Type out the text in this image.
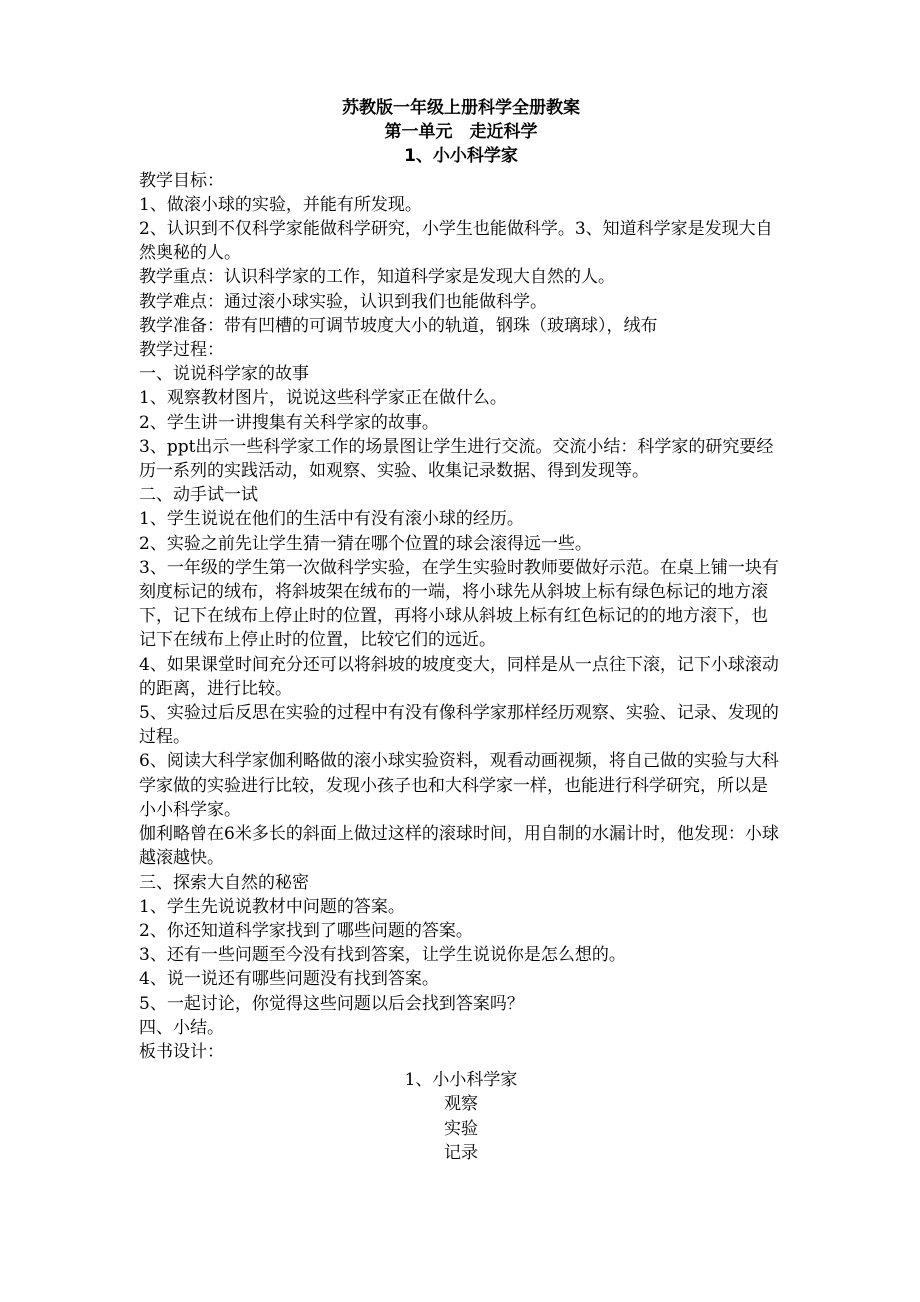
苏教版一年级上册科学全册教案
第一单元　走近科学
1、小小科学家
教学目标：
1、做滚小球的实验，并能有所发现。
2、认识到不仅科学家能做科学研究，小学生也能做科学。3、知道科学家是发现大自然奥秘的人。
教学重点：认识科学家的工作，知道科学家是发现大自然的人。
教学难点：通过滚小球实验，认识到我们也能做科学。
教学准备：带有凹槽的可调节坡度大小的轨道，钢珠（玻璃球），绒布
教学过程：
一、说说科学家的故事
1、观察教材图片，说说这些科学家正在做什么。
2、学生讲一讲搜集有关科学家的故事。
3、ppt出示一些科学家工作的场景图让学生进行交流。交流小结：科学家的研究要经历一系列的实践活动，如观察、实验、收集记录数据、得到发现等。
二、动手试一试
1、学生说说在他们的生活中有没有滚小球的经历。
2、实验之前先让学生猜一猜在哪个位置的球会滚得远一些。
3、一年级的学生第一次做科学实验，在学生实验时教师要做好示范。在桌上铺一块有刻度标记的绒布，将斜坡架在绒布的一端，将小球先从斜坡上标有绿色标记的地方滚下，记下在绒布上停止时的位置，再将小球从斜坡上标有红色标记的的地方滚下，也记下在绒布上停止时的位置，比较它们的远近。
4、如果课堂时间充分还可以将斜坡的坡度变大，同样是从一点往下滚，记下小球滚动的距离，进行比较。
5、实验过后反思在实验的过程中有没有像科学家那样经历观察、实验、记录、发现的过程。
6、阅读大科学家伽利略做的滚小球实验资料，观看动画视频，将自己做的实验与大科学家做的实验进行比较，发现小孩子也和大科学家一样，也能进行科学研究，所以是小小科学家。
伽利略曾在6米多长的斜面上做过这样的滚球时间，用自制的水漏计时，他发现：小球越滚越快。
三、探索大自然的秘密
1、学生先说说教材中问题的答案。
2、你还知道科学家找到了哪些问题的答案。
3、还有一些问题至今没有找到答案，让学生说说你是怎么想的。
4、说一说还有哪些问题没有找到答案。
5、一起讨论，你觉得这些问题以后会找到答案吗？
四、小结。
板书设计：
1、小小科学家
观察
实验
记录
